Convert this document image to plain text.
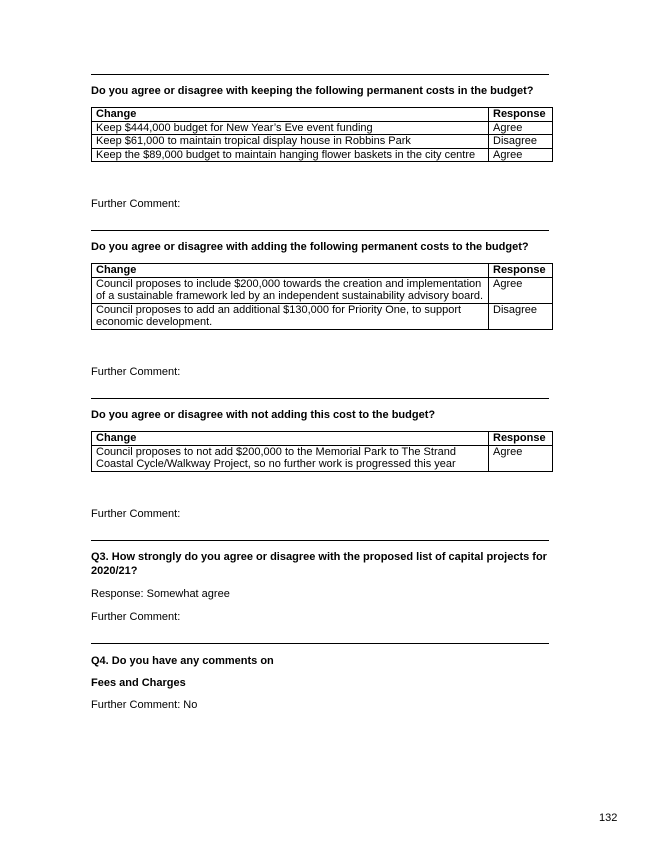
Do you agree or disagree with keeping the following permanent costs in the budget?
Change	Response
Keep $444,000 budget for New Year’s Eve event funding	Agree
Keep $61,000 to maintain tropical display house in Robbins Park	Disagree
Keep the $89,000 budget to maintain hanging flower baskets in the city centre	Agree
Further Comment:
Do you agree or disagree with adding the following permanent costs to the budget?
Change	Response
Council proposes to include $200,000 towards the creation and implementation of a sustainable framework led by an independent sustainability advisory board.	Agree
Council proposes to add an additional $130,000 for Priority One, to support economic development.	Disagree
Further Comment:
Do you agree or disagree with not adding this cost to the budget?
Change	Response
Council proposes to not add $200,000 to the Memorial Park to The Strand Coastal Cycle/Walkway Project, so no further work is progressed this year	Agree
Further Comment:
Q3. How strongly do you agree or disagree with the proposed list of capital projects for 2020/21?
Response: Somewhat agree
Further Comment:
Q4. Do you have any comments on
Fees and Charges
Further Comment: No
132
